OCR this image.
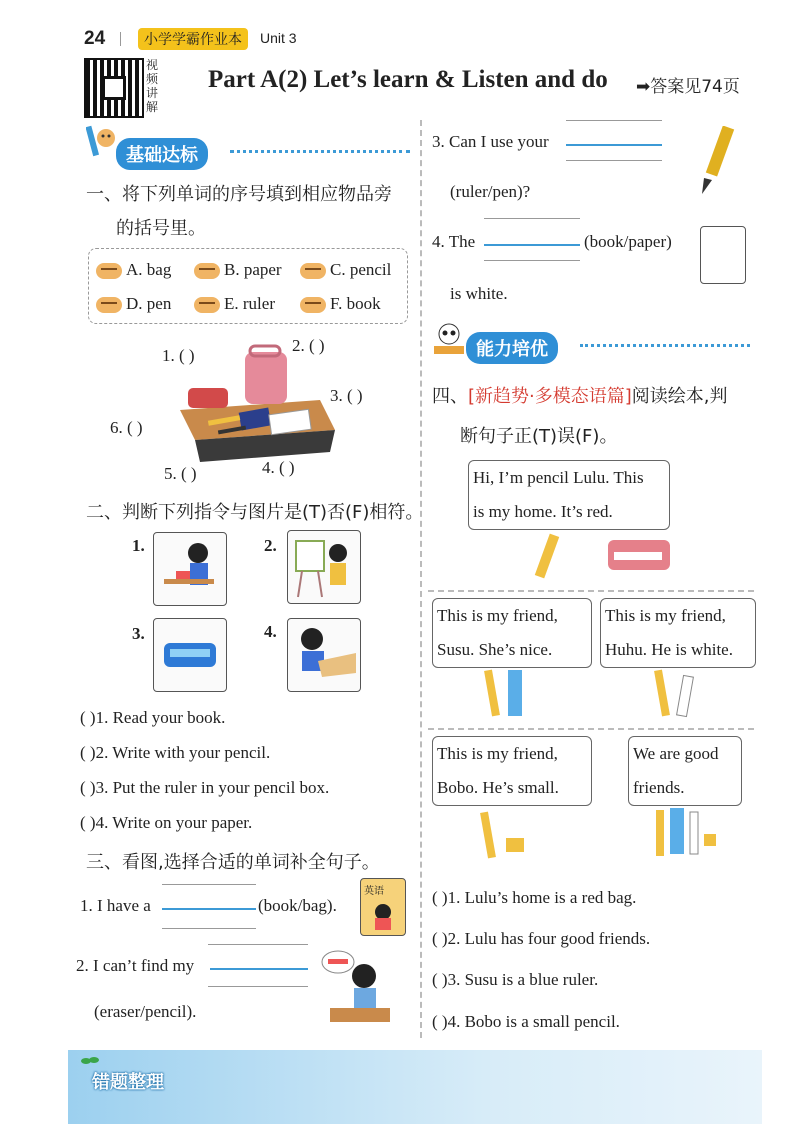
24	小学学霸作业本	Unit 3
视频讲解
Part A(2) Let’s learn & Listen and do ➡答案见74页
基础达标
一、将下列单词的序号填到相应物品旁
的括号里。
A. bag	B. paper	C. pencil
D. pen	E. ruler	F. book
1. ( )
2. ( )
3. ( )
4. ( )
5. ( )
6. ( )
二、判断下列指令与图片是(T)否(F)相符。
1.	2.
3.	4.
( )1. Read your book.
( )2. Write with your pencil.
( )3. Put the ruler in your pencil box.
( )4. Write on your paper.
三、看图,选择合适的单词补全句子。
1. I have a	(book/bag).
英语
2. I can’t find my
(eraser/pencil).
3. Can I use your
(ruler/pen)?
4. The	(book/paper)
is white.
能力培优
四、[新趋势·多模态语篇]阅读绘本,判
断句子正(T)误(F)。
Hi, I’m pencil Lulu. This
is my home. It’s red.
This is my friend,
Susu. She’s nice.
This is my friend,
Huhu. He is white.
This is my friend,
Bobo. He’s small.
We are good
friends.
( )1. Lulu’s home is a red bag.
( )2. Lulu has four good friends.
( )3. Susu is a blue ruler.
( )4. Bobo is a small pencil.
错题整理
